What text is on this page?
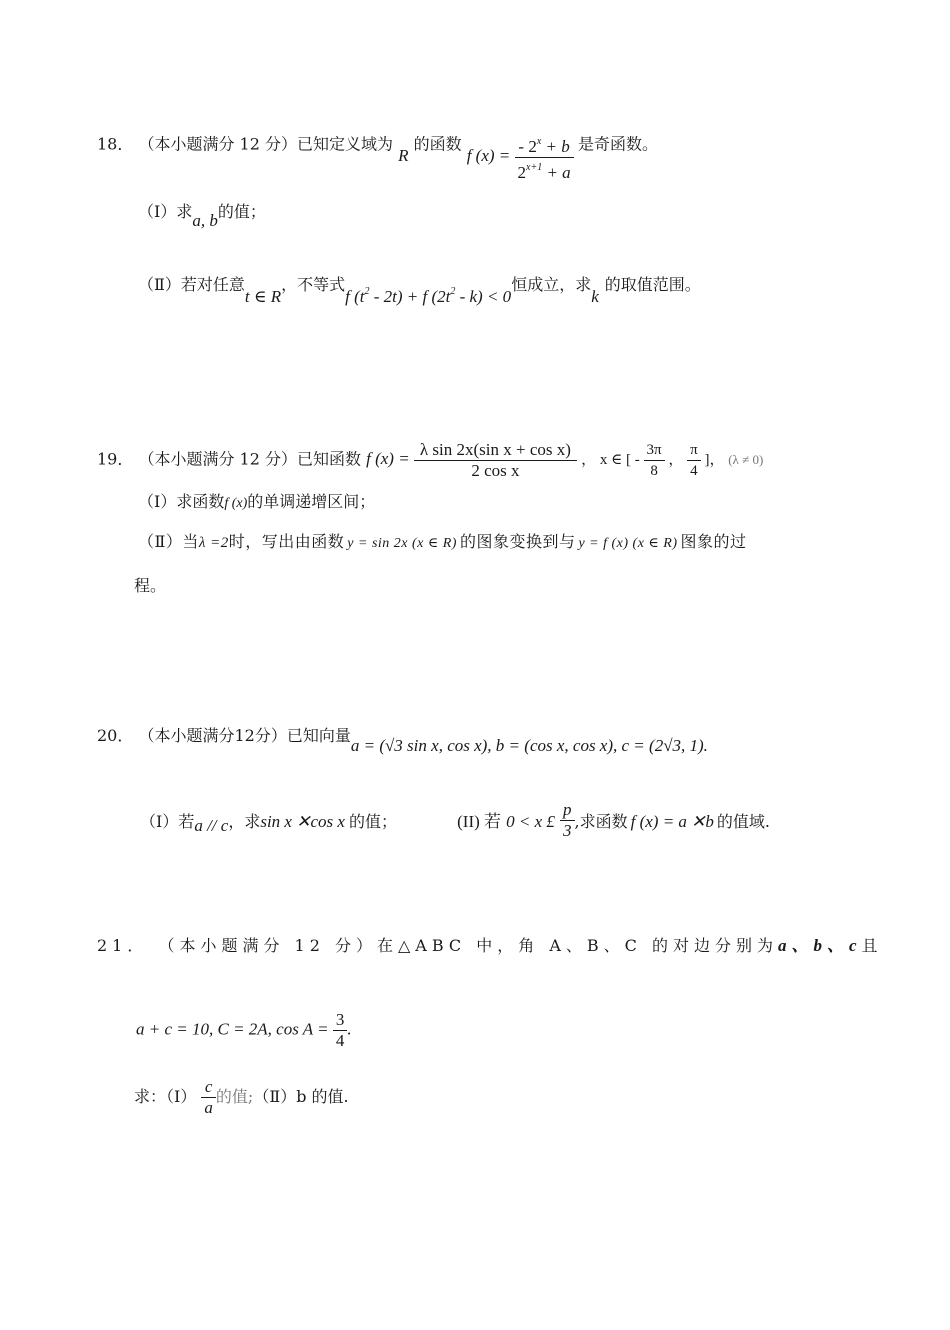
18． （本小题满分 12 分）已知定义域为 R 的函数 f $(x) = \frac{- 2^x + b}{2^{x+1} + a}$ 是奇函数。
（Ⅰ）求a, b的值；
（Ⅱ）若对任意t ∈ R，不等式f $(t^2 - 2t) + f$ $(2t^2 - k) < 0$恒成立，求k的取值范围。
19． （本小题满分 12 分）已知函数 f $(x) = \frac{\text{λ sin 2x(sin x + cos x)}}{\text{2 cos x}}$ ， x ∈ [ - $\frac{3\pi}{8}$ ， $\frac{\pi}{4}$ ]， (λ ≠ 0)
（Ⅰ）求函数f (x)的单调递增区间；
（Ⅱ）当λ =2时，写出由函数 y = sin 2x (x ∈ R) 的图象变换到与 y = f (x) (x ∈ R) 图象的过
程。
20． （本小题满分12分）已知向量a = (√3 sin x, cos x), b = (cos x, cos x), c = (2√3, 1).
（I）若a // c，求sin x ✕cos x 的值；	(II) 若 0 < x £ $\frac{p}{3}$ ,求函数 f (x) = a ✕b 的值域.
21． （本小题满分 12 分）在△ABC 中，角 A、B、C 的对边分别为a、b、c且
a + c = 10, C = 2A, $\cos A = \frac{3}{4}$ .
求：（Ⅰ） $\frac{c}{a}$ 的值;（Ⅱ）b 的值.
